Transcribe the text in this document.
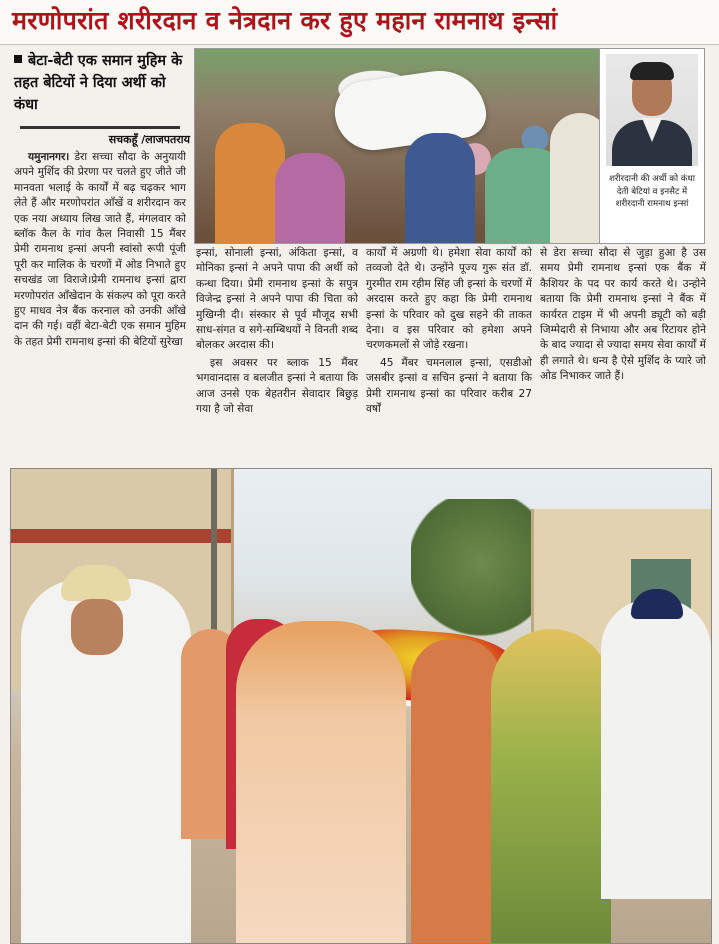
मरणोपरांत शरीरदान व नेत्रदान कर हुए महान रामनाथ इन्सां
बेटा-बेटी एक समान मुहिम के तहत बेटियों ने दिया अर्थी को कंधा
सचकहूँ /लाजपतराय

यमुनानगर। डेरा सच्चा सौदा के अनुयायी अपने मुर्शिद की प्रेरणा पर चलते हुए जीते जी मानवता भलाई के कार्यों में बढ़ चढ़कर भाग लेते हैं और मरणोपरांत आँखें व शरीरदान कर एक नया अध्याय लिख जाते हैं, मंगलवार को ब्लॉक कैल के गांव कैल निवासी 15 मैंबर प्रेमी रामनाथ इन्सां अपनी स्वांसो रूपी पूंजी पूरी कर मालिक के चरणों में ओड निभाते हुए सचखंड जा विराजे।प्रेमी रामनाथ इन्सां द्वारा मरणोपरांत आँखेदान के संकल्प को पूरा करते हुए माधव नेत्र बैंक करनाल को उनकी आँखे दान की गई। वहीं बेटा-बेटी एक समान मुहिम के तहत प्रेमी रामनाथ इन्सां की बेटियों सुरेखा

शरीरदानी की अर्थी को कंधा देती बेटियां व इनसैट में शरीरदानी रामनाथ इन्सां

इन्सां, सोनाली इन्सां, अंकिता इन्सां, व मोनिका इन्सां ने अपने पापा की अर्थी को कन्धा दिया। प्रेमी रामनाथ इन्सां के सपुत्र विजेन्द्र इन्सां ने अपने पापा की चिता को मुखिग्नी दी। संस्कार से पूर्व मौजूद सभी साध-संगत व सगे-सम्बिधयों ने विनती शब्द बोलकर अरदास की।

इस अवसर पर ब्लाक 15 मैंबर भगवानदास व बलजीत इन्सां ने बताया कि आज उनसे एक बेहतरीन सेवादार बिछुड़ गया है जो सेवा

कार्यों में अग्रणी थे। हमेशा सेवा कार्यों को तव्वजो देते थे। उन्होंने पूज्य गुरू संत डॉ. गुरमीत राम रहीम सिंह जी इन्सां के चरणों में अरदास करते हुए कहा कि प्रेमी रामनाथ इन्सां के परिवार को दुख सहने की ताकत देना। व इस परिवार को हमेशा अपने चरणकमलों से जोड़े रखना।

45 मैंबर चमनलाल इन्सां, एसडीओ जसबीर इन्सां व सचिन इन्सां ने बताया कि प्रेमी रामनाथ इन्सां का परिवार करीब 27 वर्षों

से डेरा सच्चा सौदा से जुड़ा हुआ है उस समय प्रेमी रामनाथ इन्सां एक बैंक में कैशियर के पद पर कार्य करते थे। उन्होने बताया कि प्रेमी रामनाथ इन्सां ने बैंक में कार्यरत टाइम में भी अपनी ड्यूटी को बड़ी जिम्मेदारी से निभाया और अब रिटायर होने के बाद ज्यादा से ज्यादा समय सेवा कार्यों में ही लगाते थे। धन्य है ऐसे मुर्शिद के प्यारे जो ओड निभाकर जाते हैं।
